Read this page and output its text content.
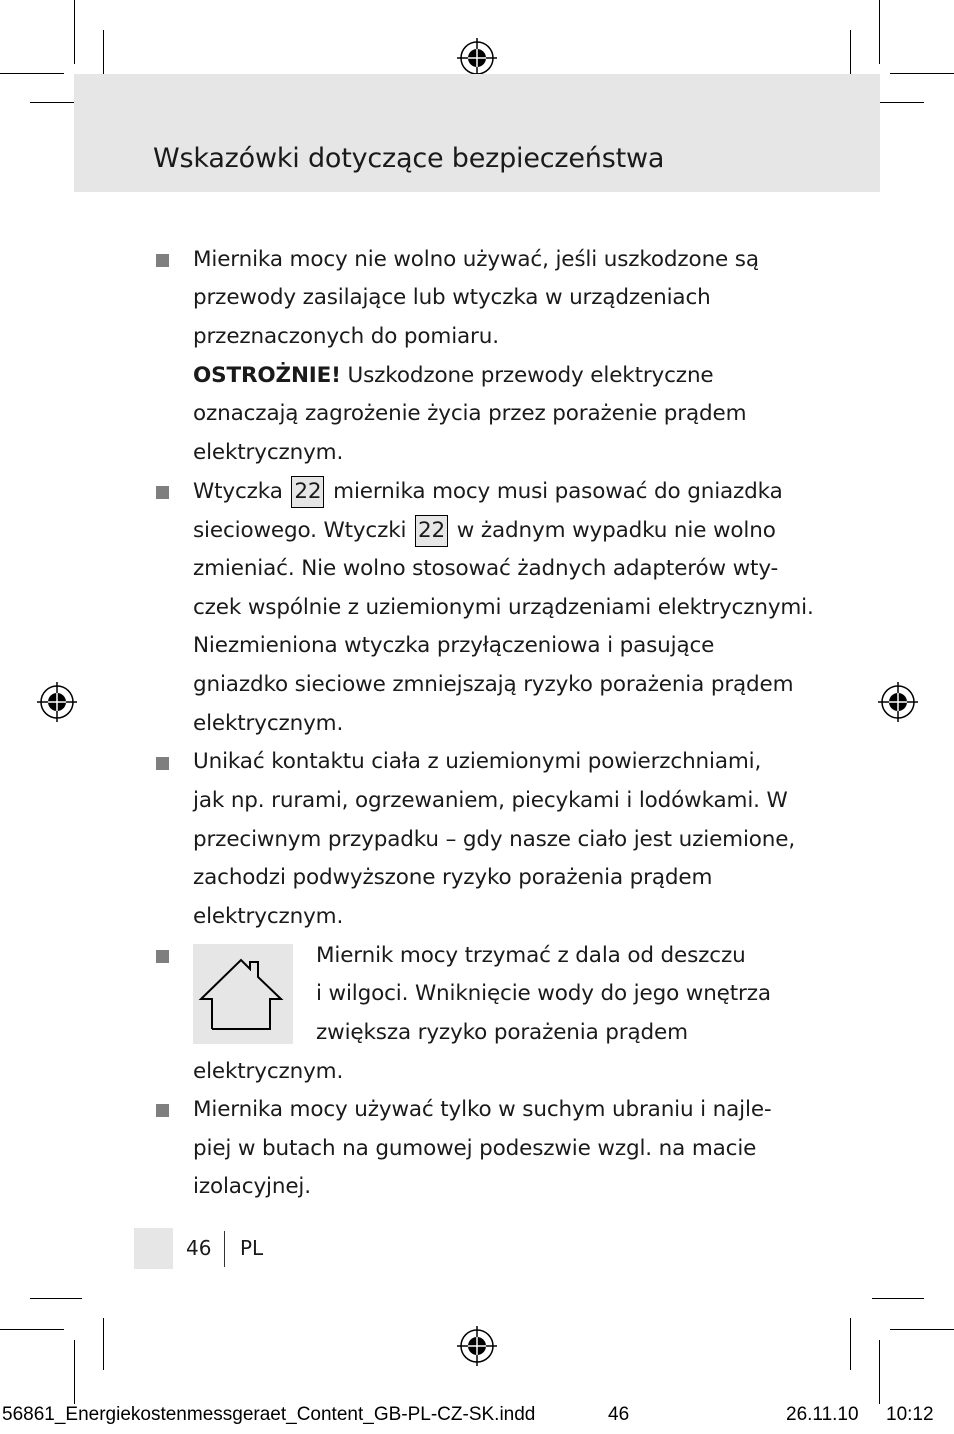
Wskazówki dotyczące bezpieczeństwa
Miernika mocy nie wolno używać, jeśli uszkodzone są
przewody zasilające lub wtyczka w urządzeniach
przeznaczonych do pomiaru.
OSTROŻNIE! Uszkodzone przewody elektryczne
oznaczają zagrożenie życia przez porażenie prądem
elektrycznym.
Wtyczka 22 miernika mocy musi pasować do gniazdka
sieciowego. Wtyczki 22 w żadnym wypadku nie wolno
zmieniać. Nie wolno stosować żadnych adapterów wty-
czek wspólnie z uziemionymi urządzeniami elektrycznymi.
Niezmieniona wtyczka przyłączeniowa i pasujące
gniazdko sieciowe zmniejszają ryzyko porażenia prądem
elektrycznym.
Unikać kontaktu ciała z uziemionymi powierzchniami,
jak np. rurami, ogrzewaniem, piecykami i lodówkami. W
przeciwnym przypadku – gdy nasze ciało jest uziemione,
zachodzi podwyższone ryzyko porażenia prądem
elektrycznym.
Miernik mocy trzymać z dala od deszczu
i wilgoci. Wniknięcie wody do jego wnętrza
zwiększa ryzyko porażenia prądem
elektrycznym.
Miernika mocy używać tylko w suchym ubraniu i najle-
piej w butach na gumowej podeszwie wzgl. na macie
izolacyjnej.
46 PL
56861_Energiekostenmessgeraet_Content_GB-PL-CZ-SK.indd	46	26.11.10 10:12
